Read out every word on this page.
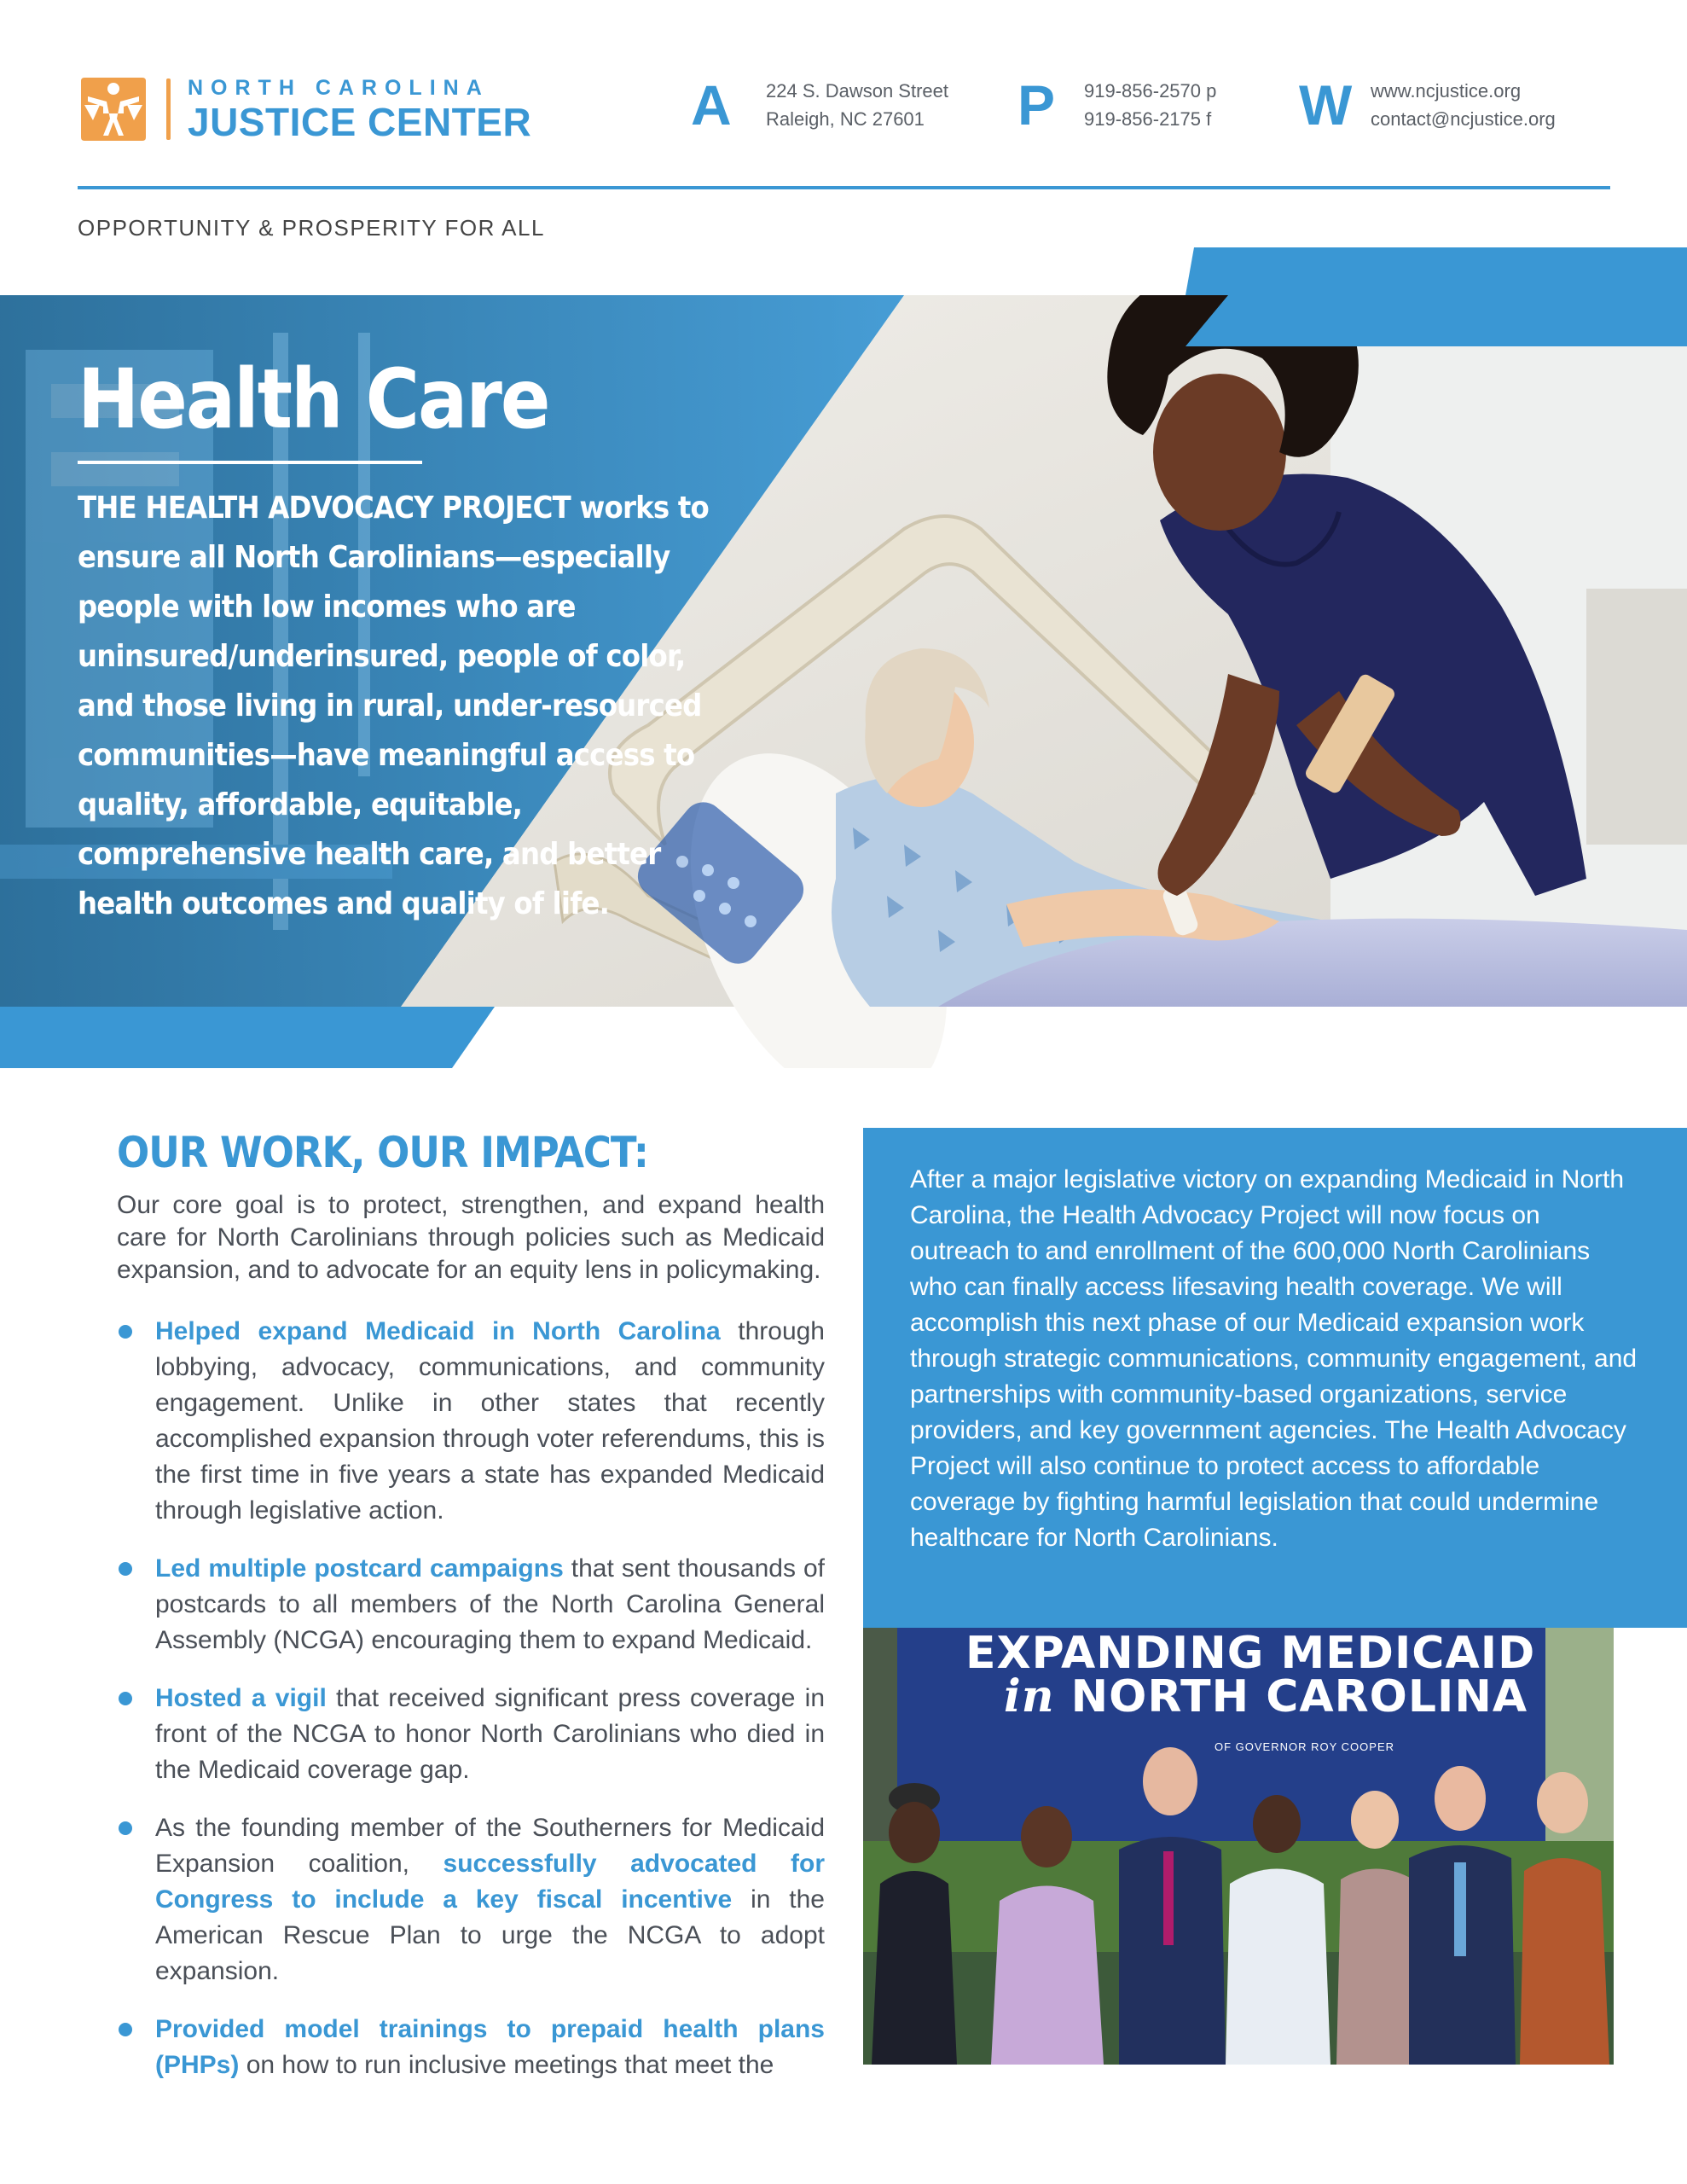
NORTH CAROLINA
JUSTICE CENTER	A	224 S. Dawson Street
Raleigh, NC 27601	P	919-856-2570 p
919-856-2175 f W www.ncjustice.org
contact@ncjustice.org
OPPORTUNITY & PROSPERITY FOR ALL
Health Care
THE HEALTH ADVOCACY PROJECT works to ensure all North Carolinians—especially people with low incomes who are uninsured/underinsured, people of color, and those living in rural, under-resourced communities—have meaningful access to quality, affordable, equitable, comprehensive health care, and better health outcomes and quality of life.
OUR WORK, OUR IMPACT:
Our core goal is to protect, strengthen, and expand health care for North Carolinians through policies such as Medicaid expansion, and to advocate for an equity lens in policymaking.
Helped expand Medicaid in North Carolina through lobbying, advocacy, communications, and community engagement. Unlike in other states that recently accomplished expansion through voter referendums, this is the first time in five years a state has expanded Medicaid through legislative action.
Led multiple postcard campaigns that sent thousands of postcards to all members of the North Carolina General Assembly (NCGA) encouraging them to expand Medicaid.
Hosted a vigil that received significant press coverage in front of the NCGA to honor North Carolinians who died in the Medicaid coverage gap.
As the founding member of the Southerners for Medicaid Expansion coalition, successfully advocated for Congress to include a key fiscal incentive in the American Rescue Plan to urge the NCGA to adopt expansion.
Provided model trainings to prepaid health plans (PHPs) on how to run inclusive meetings that meet the
After a major legislative victory on expanding Medicaid in North Carolina, the Health Advocacy Project will now focus on outreach to and enrollment of the 600,000 North Carolinians who can finally access lifesaving health coverage. We will accomplish this next phase of our Medicaid expansion work through strategic communications, community engagement, and partnerships with community-based organizations, service providers, and key government agencies. The Health Advocacy Project will also continue to protect access to affordable coverage by fighting harmful legislation that could undermine healthcare for North Carolinians.
EXPANDING MEDICAID
in NORTH CAROLINA
OF GOVERNOR ROY COOPER
